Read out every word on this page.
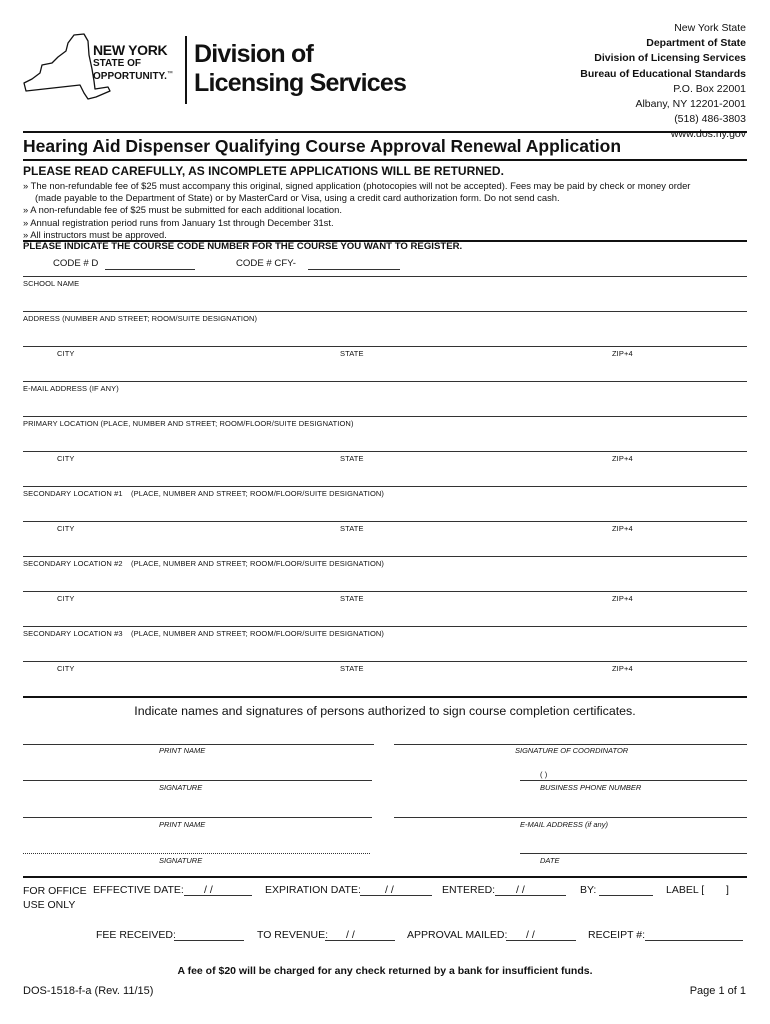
NEW YORK
STATE OF
OPPORTUNITY.™
Division of
Licensing Services
New York State
Department of State
Division of Licensing Services
Bureau of Educational Standards
P.O. Box 22001
Albany, NY 12201-2001
(518) 486-3803
www.dos.ny.gov
Hearing Aid Dispenser Qualifying Course Approval Renewal Application
PLEASE READ CAREFULLY, AS INCOMPLETE APPLICATIONS WILL BE RETURNED.
» The non-refundable fee of $25 must accompany this original, signed application (photocopies will not be accepted). Fees may be paid by check or money order
(made payable to the Department of State) or by MasterCard or Visa, using a credit card authorization form. Do not send cash.
» A non-refundable fee of $25 must be submitted for each additional location.
» Annual registration period runs from January 1st through December 31st.
» All instructors must be approved.
PLEASE INDICATE THE COURSE CODE NUMBER FOR THE COURSE YOU WANT TO REGISTER.
CODE # D	CODE # CFY-
SCHOOL NAME
ADDRESS (NUMBER AND STREET; ROOM/SUITE DESIGNATION)
CITY	STATE	ZIP+4
E-MAIL ADDRESS (IF ANY)
PRIMARY LOCATION (PLACE, NUMBER AND STREET; ROOM/FLOOR/SUITE DESIGNATION)
CITY	STATE	ZIP+4
SECONDARY LOCATION #1 (PLACE, NUMBER AND STREET; ROOM/FLOOR/SUITE DESIGNATION)
CITY	STATE	ZIP+4
SECONDARY LOCATION #2 (PLACE, NUMBER AND STREET; ROOM/FLOOR/SUITE DESIGNATION)
CITY	STATE	ZIP+4
SECONDARY LOCATION #3 (PLACE, NUMBER AND STREET; ROOM/FLOOR/SUITE DESIGNATION)
CITY	STATE	ZIP+4
Indicate names and signatures of persons authorized to sign course completion certificates.
PRINT NAME	SIGNATURE OF COORDINATOR
( )
SIGNATURE	BUSINESS PHONE NUMBER
PRINT NAME	E-MAIL ADDRESS (if any)
SIGNATURE	DATE
FOR OFFICE
USE ONLY
EFFECTIVE DATE: / /	EXPIRATION DATE: / /	ENTERED: / /	BY:	LABEL [ ]
FEE RECEIVED:	TO REVENUE: / /	APPROVAL MAILED: / /	RECEIPT #:
A fee of $20 will be charged for any check returned by a bank for insufficient funds.
DOS-1518-f-a (Rev. 11/15)	Page 1 of 1
